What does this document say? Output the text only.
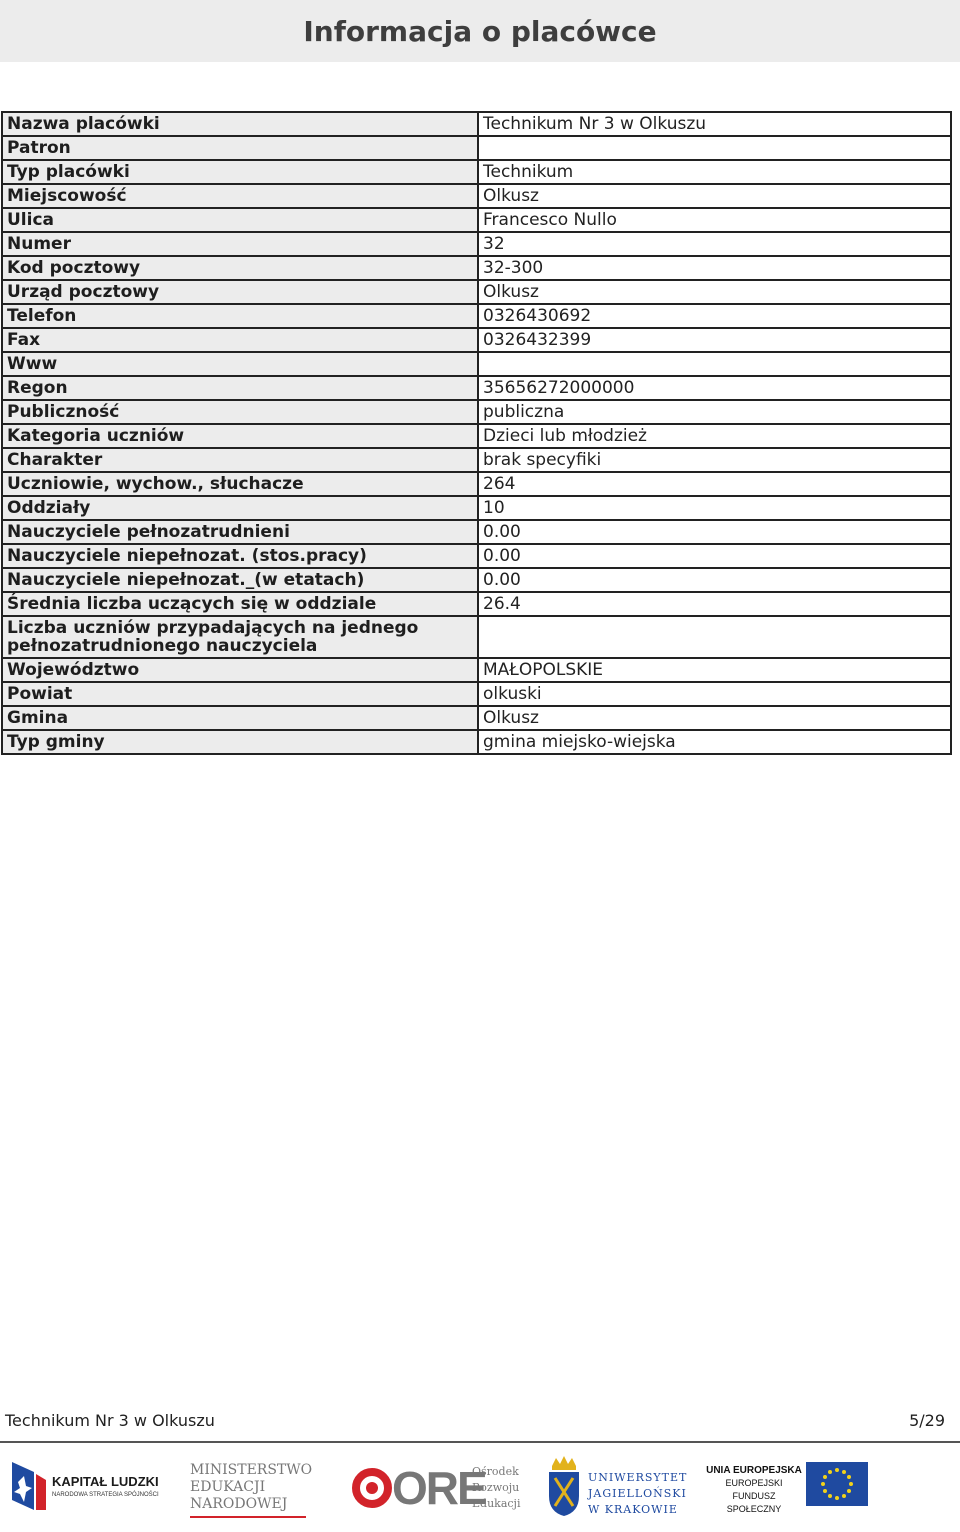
Informacja o placówce
Nazwa placówki	Technikum Nr 3 w Olkuszu
Patron	
Typ placówki	Technikum
Miejscowość	Olkusz
Ulica	Francesco Nullo
Numer	32
Kod pocztowy	32-300
Urząd pocztowy	Olkusz
Telefon	0326430692
Fax	0326432399
Www	
Regon	35656272000000
Publiczność	publiczna
Kategoria uczniów	Dzieci lub młodzież
Charakter	brak specyfiki
Uczniowie, wychow., słuchacze	264
Oddziały	10
Nauczyciele pełnozatrudnieni	0.00
Nauczyciele niepełnozat. (stos.pracy)	0.00
Nauczyciele niepełnozat._(w etatach)	0.00
Średnia liczba uczących się w oddziale	26.4
Liczba uczniów przypadających na jednego pełnozatrudnionego nauczyciela	
Województwo	MAŁOPOLSKIE
Powiat	olkuski
Gmina	Olkusz
Typ gminy	gmina miejsko-wiejska
Technikum Nr 3 w Olkuszu	5/29
KAPITAŁ LUDZKI
NARODOWA STRATEGIA SPÓJNOŚCI
MINISTERSTWO
EDUKACJI
NARODOWEJ	ORE
Ośrodek
Rozwoju
Edukacji
UNIWERSYTET
JAGIELLOŃSKI
W KRAKOWIE
UNIA EUROPEJSKA
EUROPEJSKI
FUNDUSZ SPOŁECZNY
